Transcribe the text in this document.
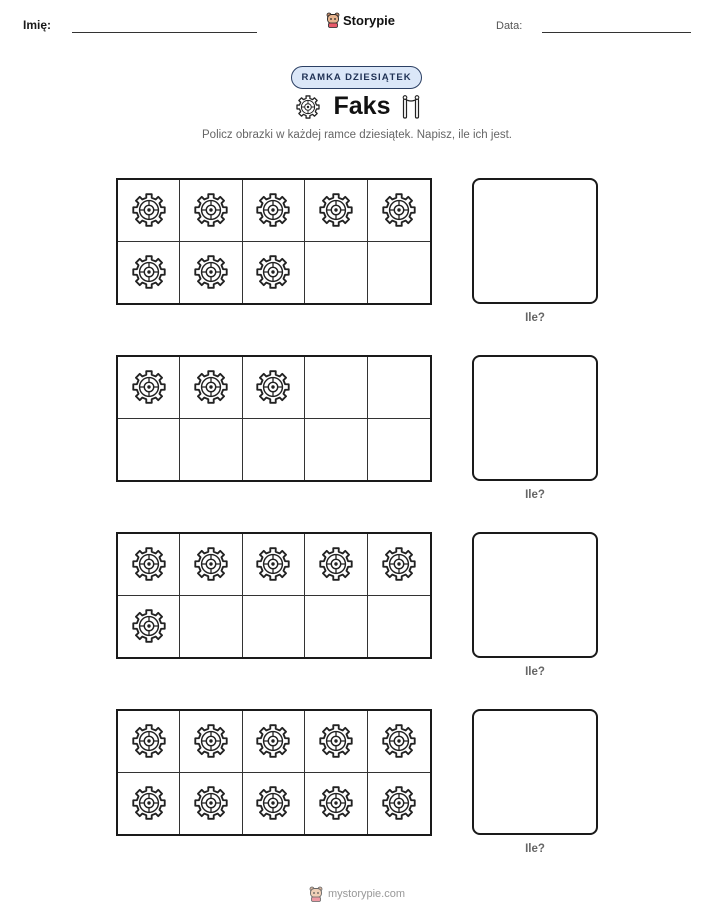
Imię:	Storypie	Data:
RAMKA DZIESIĄTEK
Faks
Policz obrazki w każdej ramce dziesiątek. Napisz, ile ich jest.
Ile?
Ile?
Ile?
Ile?
mystorypie.com
